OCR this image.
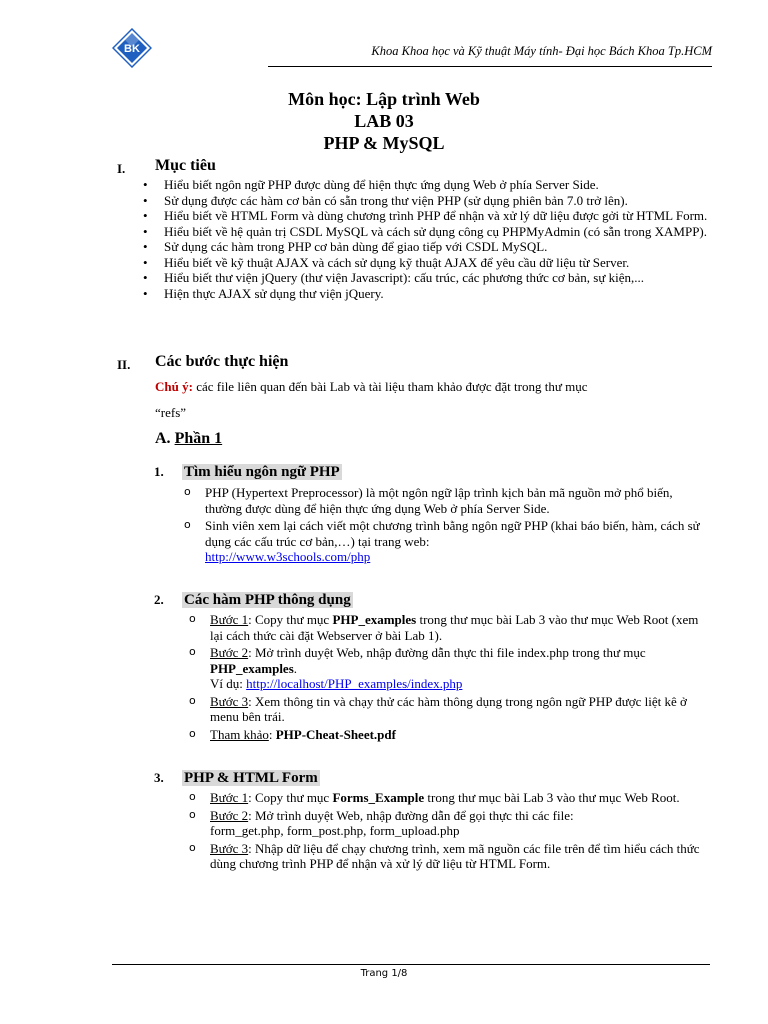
BK	Khoa Khoa học và Kỹ thuật Máy tính- Đại học Bách Khoa Tp.HCM
Môn học: Lập trình Web
LAB 03
PHP & MySQL
I. Mục tiêu
• Hiểu biết ngôn ngữ PHP được dùng để hiện thực ứng dụng Web ở phía Server Side.
• Sử dụng được các hàm cơ bản có sẵn trong thư viện PHP (sử dụng phiên bản 7.0 trở lên).
• Hiểu biết về HTML Form và dùng chương trình PHP để nhận và xử lý dữ liệu được gởi từ HTML Form.
• Hiểu biết về hệ quản trị CSDL MySQL và cách sử dụng công cụ PHPMyAdmin (có sẵn trong XAMPP).
• Sử dụng các hàm trong PHP cơ bản dùng để giao tiếp với CSDL MySQL.
• Hiểu biết về kỹ thuật AJAX và cách sử dụng kỹ thuật AJAX để yêu cầu dữ liệu từ Server.
• Hiểu biết thư viện jQuery (thư viện Javascript): cấu trúc, các phương thức cơ bản, sự kiện,...
• Hiện thực AJAX sử dụng thư viện jQuery.
II. Các bước thực hiện
Chú ý: các file liên quan đến bài Lab và tài liệu tham khảo được đặt trong thư mục
“refs”
A. Phần 1
1. Tìm hiểu ngôn ngữ PHP
o PHP (Hypertext Preprocessor) là một ngôn ngữ lập trình kịch bản mã nguồn mở phổ biến, thường được dùng để hiện thực ứng dụng Web ở phía Server Side.
o Sinh viên xem lại cách viết một chương trình bằng ngôn ngữ PHP (khai báo biến, hàm, cách sử dụng các cấu trúc cơ bản,…) tại trang web:
http://www.w3schools.com/php
2. Các hàm PHP thông dụng
o Bước 1: Copy thư mục PHP_examples trong thư mục bài Lab 3 vào thư mục Web Root (xem lại cách thức cài đặt Webserver ở bài Lab 1).
o Bước 2: Mở trình duyệt Web, nhập đường dẫn thực thi file index.php trong thư mục PHP_examples.
Ví dụ: http://localhost/PHP_examples/index.php
o Bước 3: Xem thông tin và chạy thử các hàm thông dụng trong ngôn ngữ PHP được liệt kê ở menu bên trái.
o Tham khảo: PHP-Cheat-Sheet.pdf
3. PHP & HTML Form
o Bước 1: Copy thư mục Forms_Example trong thư mục bài Lab 3 vào thư mục Web Root.
o Bước 2: Mở trình duyệt Web, nhập đường dẫn để gọi thực thi các file:
form_get.php, form_post.php, form_upload.php
o Bước 3: Nhập dữ liệu để chạy chương trình, xem mã nguồn các file trên để tìm hiểu cách thức dùng chương trình PHP để nhận và xử lý dữ liệu từ HTML Form.
Trang 1/8
